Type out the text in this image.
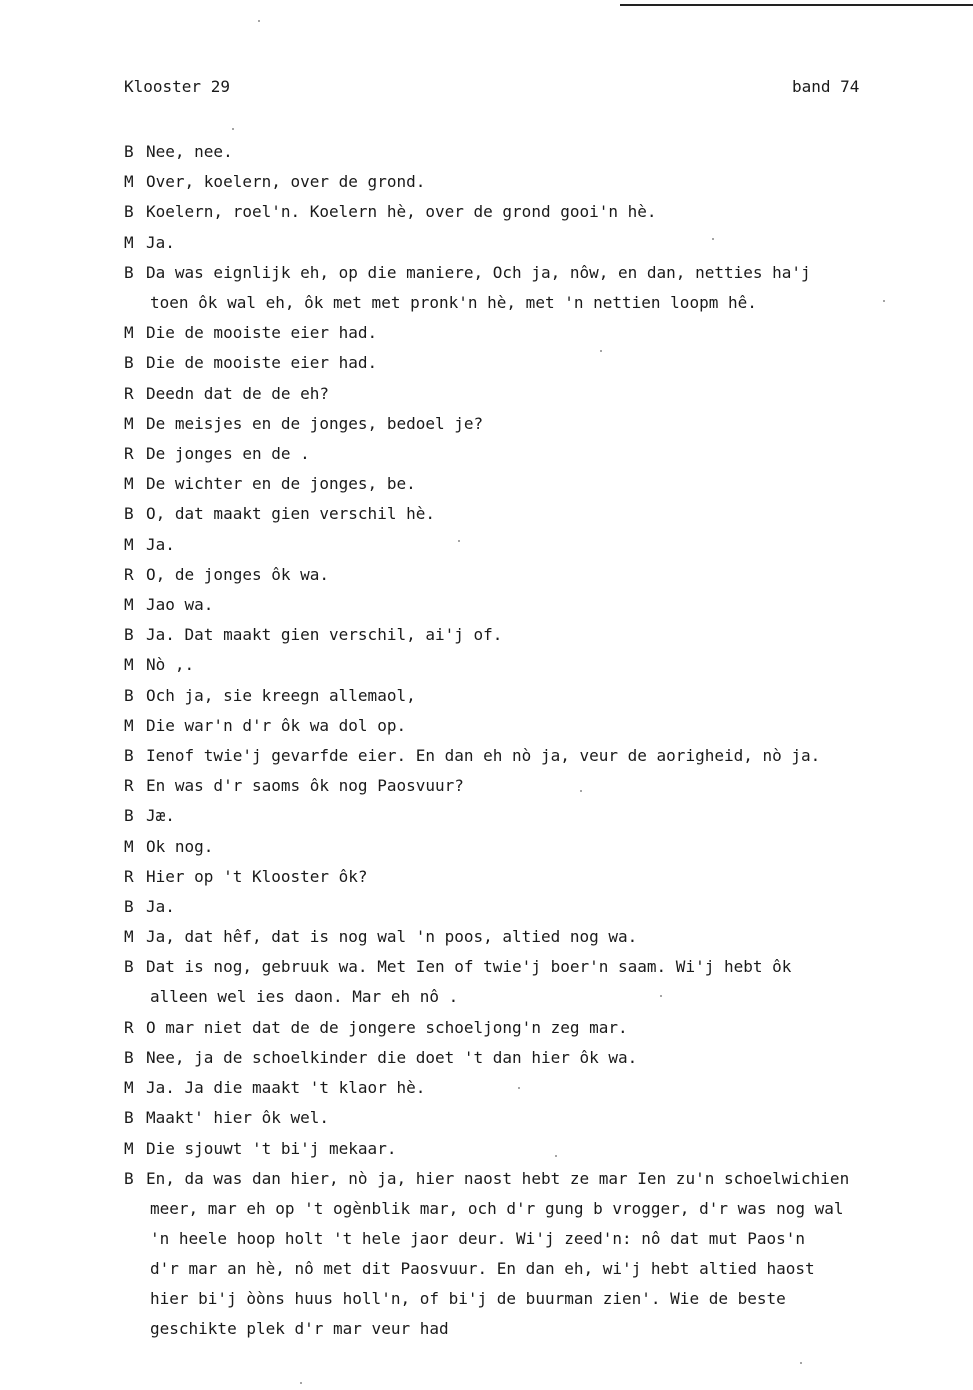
Klooster 29	band 74
B Nee, nee.
M Over, koelern, over de grond.
B Koelern, roel'n. Koelern hè, over de grond gooi'n hè.
M Ja.
B Da was eignlijk eh, op die maniere, Och ja, nôw, en dan, netties ha'j
toen ôk wal eh, ôk met met pronk'n hè, met 'n nettien loopm hê.
M Die de mooiste eier had.
B Die de mooiste eier had.
R Deedn dat de de eh?
M De meisjes en de jonges, bedoel je?
R De jonges en de .
M De wichter en de jonges, be.
B O, dat maakt gien verschil hè.
M Ja.
R O, de jonges ôk wa.
M Jao wa.
B Ja. Dat maakt gien verschil, ai'j of.
M Nò ,.
B Och ja, sie kreegn allemaol,
M Die war'n d'r ôk wa dol op.
B Ienof twie'j gevarfde eier. En dan eh nò ja, veur de aorigheid, nò ja.
R En was d'r saoms ôk nog Paosvuur?
B Jæ.
M Ok nog.
R Hier op 't Klooster ôk?
B Ja.
M Ja, dat hêf, dat is nog wal 'n poos, altied nog wa.
B Dat is nog, gebruuk wa. Met Ien of twie'j boer'n saam. Wi'j hebt ôk
alleen wel ies daon. Mar eh nô .
R O mar niet dat de de jongere schoeljong'n zeg mar.
B Nee, ja de schoelkinder die doet 't dan hier ôk wa.
M Ja. Ja die maakt 't klaor hè.
B Maakt' hier ôk wel.
M Die sjouwt 't bi'j mekaar.
B En, da was dan hier, nò ja, hier naost hebt ze mar Ien zu'n schoelwichien
meer, mar eh op 't ogènblik mar, och d'r gung b vrogger, d'r was nog wal
'n heele hoop holt 't hele jaor deur. Wi'j zeed'n: nô dat mut Paos'n
d'r mar an hè, nô met dit Paosvuur. En dan eh, wi'j hebt altied haost
hier bi'j òòns huus holl'n, of bi'j de buurman zien'. Wie de beste
geschikte plek d'r mar veur had
